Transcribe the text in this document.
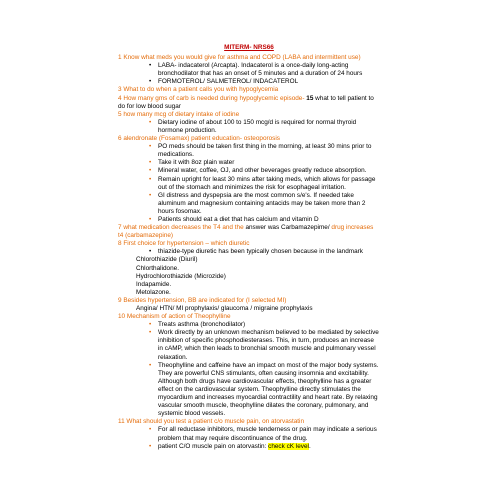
MITERM- NRS66
1 Know what meds you would give for asthma and COPD (LABA and intermittent use)
• LABA- indacaterol (Arcapta). Indacaterol is a once-daily long-acting bronchodilator that has an onset of 5 minutes and a duration of 24 hours
• FORMOTEROL/ SALMETEROL/ INDACATEROL
3 What to do when a patient calls you with hypoglycemia
4 How many gms of carb is needed during hypoglycemic episode- 15 what to tell patient to do for low blood sugar
5 how many mcg of dietary intake of iodine
• Dietary iodine of about 100 to 150 mcg/d is required for normal thyroid hormone production.
6 alendronate (Fosamax) patient education- osteoporosis
• PO meds should be taken first thing in the morning, at least 30 mins prior to medications.
• Take it with 8oz plain water
• Mineral water, coffee, OJ, and other beverages greatly reduce absorption.
• Remain upright for least 30 mins after taking meds, which allows for passage out of the stomach and minimizes the risk for esophageal irritation.
• GI distress and dyspepsia are the most common s/e's. If needed take aluminum and magnesium containing antacids may be taken more than 2 hours fosomax.
• Patients should eat a diet that has calcium and vitamin D
7 what medication decreases the T4 and the answer was Carbamazepime/ drug increases t4 (carbamazepine)
8 First choice for hypertension – which diuretic
• thiazide-type diuretic has been typically chosen because in the landmark
Chlorothiazide (Diuril)
Chlorthalidone.
Hydrochlorothiazide (Microzide)
Indapamide.
Metolazone.
9 Besides hypertension, BB are indicated for (I selected MI)
Angina/ HTN/ MI prophylaxis/ glaucoma / migraine prophylaxis
10 Mechanism of action of Theophylline
• Treats asthma (bronchodilator)
• Work directly by an unknown mechanism believed to be mediated by selective inhibition of specific phosphodiesterases. This, in turn, produces an increase in cAMP, which then leads to bronchial smooth muscle and pulmonary vessel relaxation.
• Theophylline and caffeine have an impact on most of the major body systems. They are powerful CNS stimulants, often causing insomnia and excitability. Although both drugs have cardiovascular effects, theophylline has a greater effect on the cardiovascular system. Theophylline directly stimulates the myocardium and increases myocardial contractility and heart rate. By relaxing vascular smooth muscle, theophylline dilates the coronary, pulmonary, and systemic blood vessels.
11 What should you test a patient c/o muscle pain, on atorvastatin
• For all reductase inhibitors, muscle tenderness or pain may indicate a serious problem that may require discontinuance of the drug.
• patient C/O muscle pain on atorvastin: check cK level.
